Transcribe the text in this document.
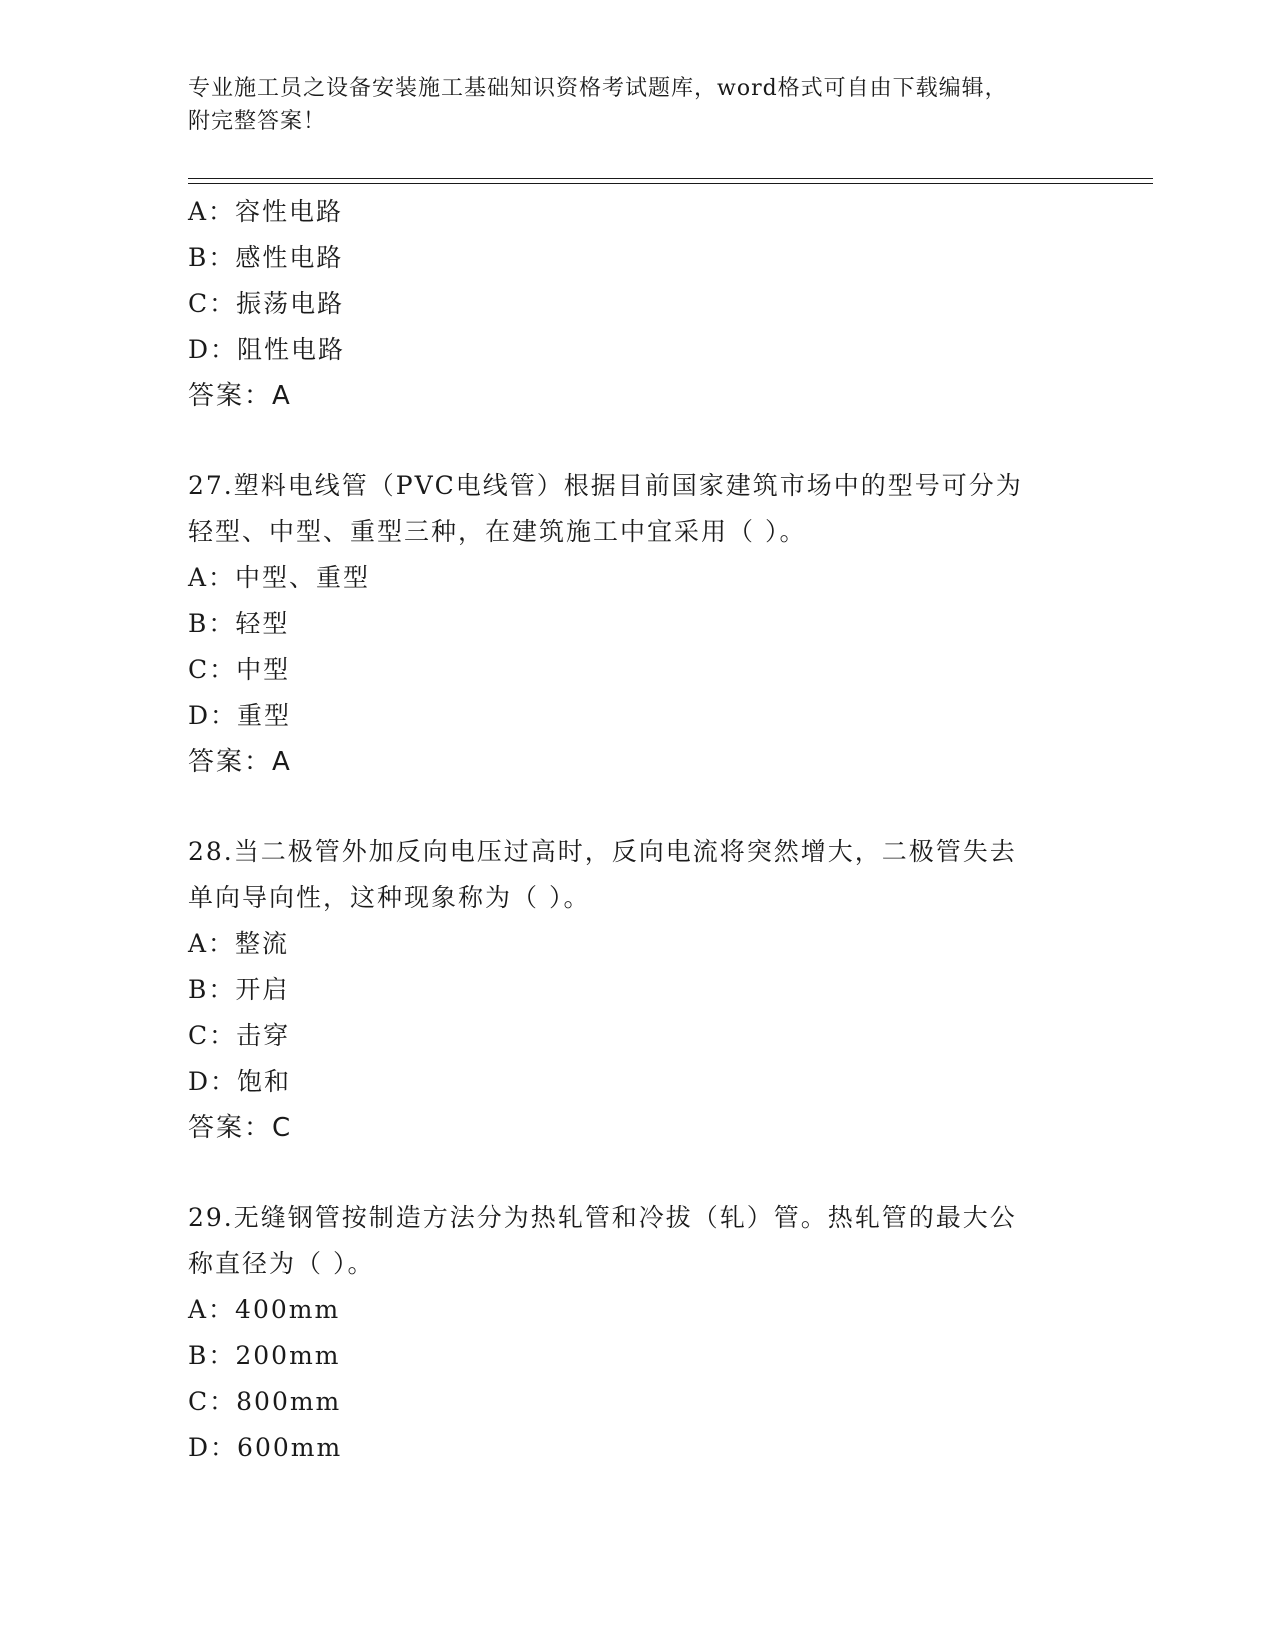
专业施工员之设备安装施工基础知识资格考试题库，word格式可自由下载编辑，
附完整答案！
A：容性电路
B：感性电路
C：振荡电路
D：阻性电路
答案：A
27.塑料电线管（PVC电线管）根据目前国家建筑市场中的型号可分为
轻型、中型、重型三种，在建筑施工中宜采用（ ）。
A：中型、重型
B：轻型
C：中型
D：重型
答案：A
28.当二极管外加反向电压过高时，反向电流将突然增大，二极管失去
单向导向性，这种现象称为（ ）。
A：整流
B：开启
C：击穿
D：饱和
答案：C
29.无缝钢管按制造方法分为热轧管和冷拔（轧）管。热轧管的最大公
称直径为（ ）。
A：400mm
B：200mm
C：800mm
D：600mm
